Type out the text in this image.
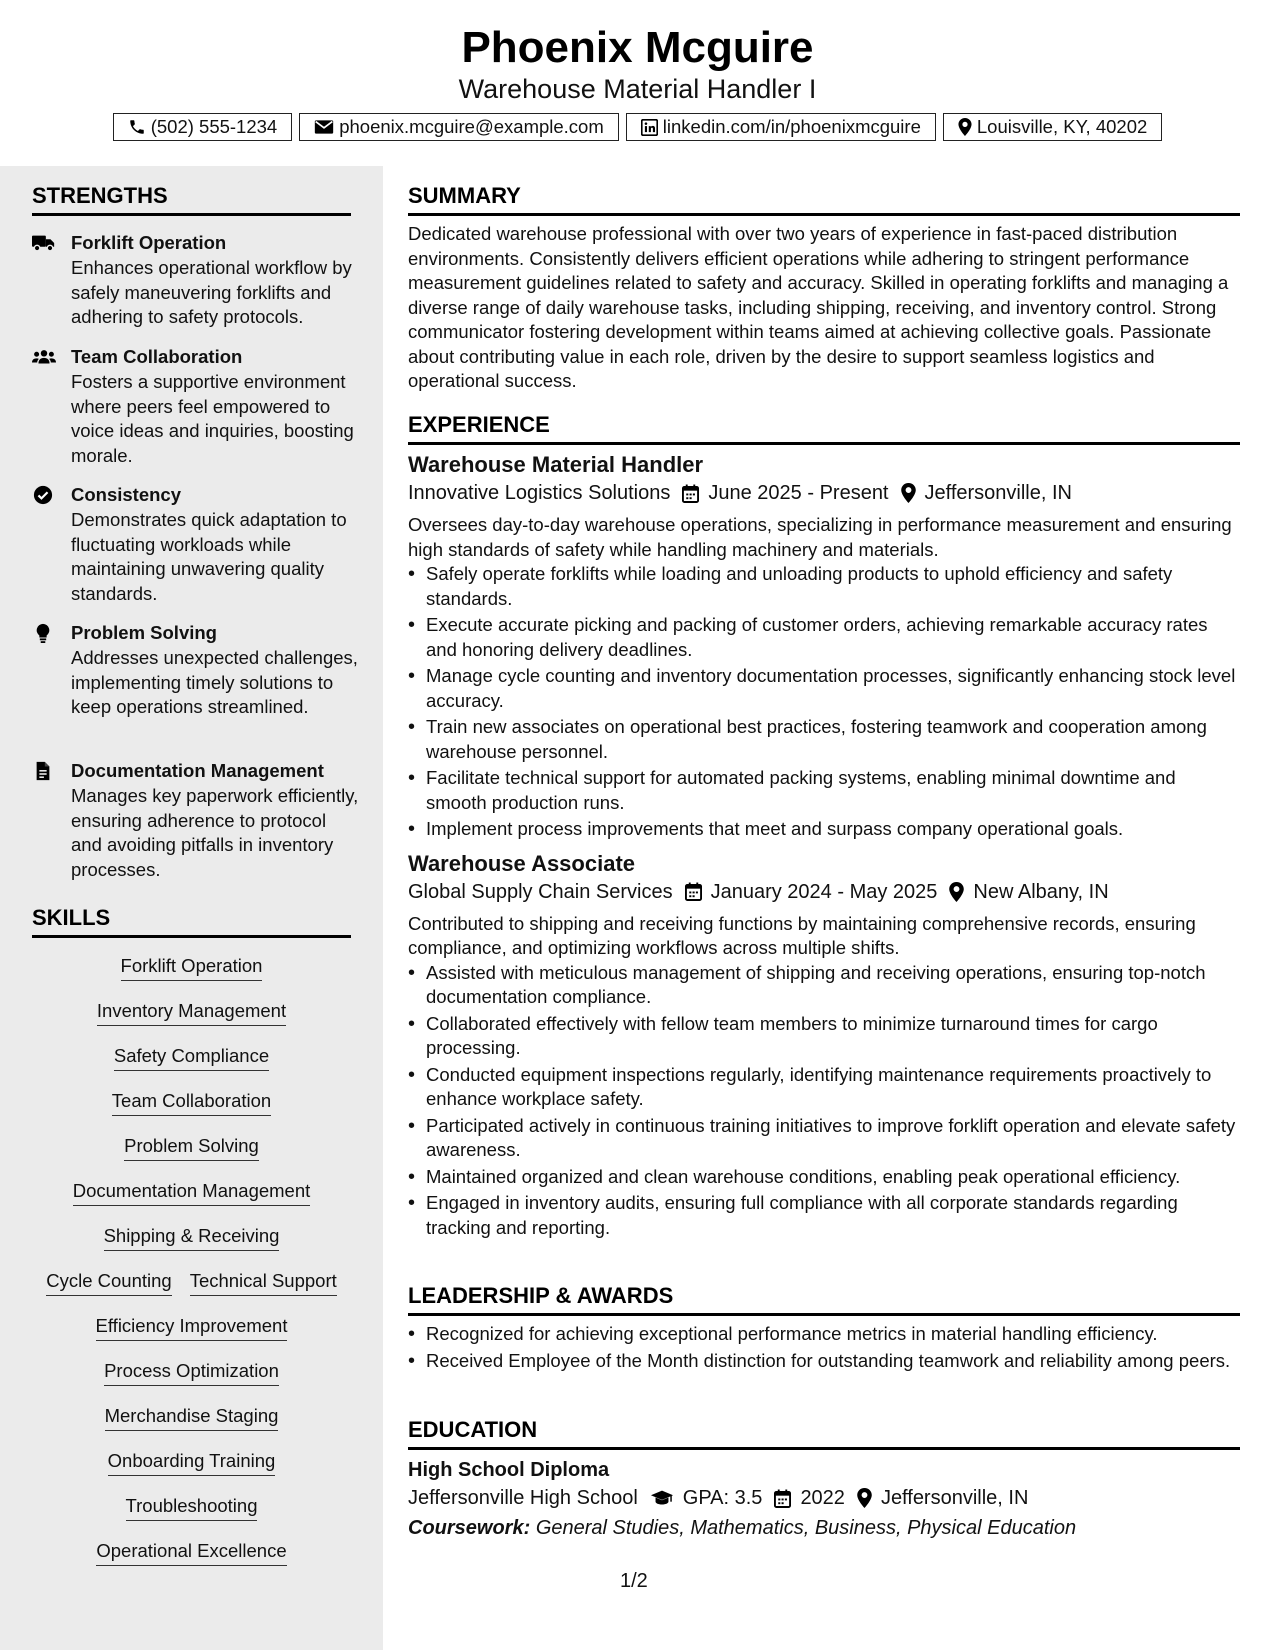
Phoenix Mcguire
Warehouse Material Handler I
(502) 555-1234	phoenix.mcguire@example.com	linkedin.com/in/phoenixmcguire	Louisville, KY, 40202
STRENGTHS
Forklift Operation
Enhances operational workflow by safely maneuvering forklifts and adhering to safety protocols.
Team Collaboration
Fosters a supportive environment where peers feel empowered to voice ideas and inquiries, boosting morale.
Consistency
Demonstrates quick adaptation to fluctuating workloads while maintaining unwavering quality standards.
Problem Solving
Addresses unexpected challenges, implementing timely solutions to keep operations streamlined.
Documentation Management
Manages key paperwork efficiently, ensuring adherence to protocol and avoiding pitfalls in inventory processes.
SKILLS
Forklift Operation
Inventory Management
Safety Compliance
Team Collaboration
Problem Solving
Documentation Management
Shipping & Receiving
Cycle Counting Technical Support
Efficiency Improvement
Process Optimization
Merchandise Staging
Onboarding Training
Troubleshooting
Operational Excellence
SUMMARY
Dedicated warehouse professional with over two years of experience in fast-paced distribution environments. Consistently delivers efficient operations while adhering to stringent performance measurement guidelines related to safety and accuracy. Skilled in operating forklifts and managing a diverse range of daily warehouse tasks, including shipping, receiving, and inventory control. Strong communicator fostering development within teams aimed at achieving collective goals. Passionate about contributing value in each role, driven by the desire to support seamless logistics and operational success.
EXPERIENCE
Warehouse Material Handler
Innovative Logistics Solutions June 2025 - Present Jeffersonville, IN
Oversees day-to-day warehouse operations, specializing in performance measurement and ensuring high standards of safety while handling machinery and materials.
• Safely operate forklifts while loading and unloading products to uphold efficiency and safety standards.
• Execute accurate picking and packing of customer orders, achieving remarkable accuracy rates and honoring delivery deadlines.
• Manage cycle counting and inventory documentation processes, significantly enhancing stock level accuracy.
• Train new associates on operational best practices, fostering teamwork and cooperation among warehouse personnel.
• Facilitate technical support for automated packing systems, enabling minimal downtime and smooth production runs.
• Implement process improvements that meet and surpass company operational goals.
Warehouse Associate
Global Supply Chain Services January 2024 - May 2025 New Albany, IN
Contributed to shipping and receiving functions by maintaining comprehensive records, ensuring compliance, and optimizing workflows across multiple shifts.
• Assisted with meticulous management of shipping and receiving operations, ensuring top-notch documentation compliance.
• Collaborated effectively with fellow team members to minimize turnaround times for cargo processing.
• Conducted equipment inspections regularly, identifying maintenance requirements proactively to enhance workplace safety.
• Participated actively in continuous training initiatives to improve forklift operation and elevate safety awareness.
• Maintained organized and clean warehouse conditions, enabling peak operational efficiency.
• Engaged in inventory audits, ensuring full compliance with all corporate standards regarding tracking and reporting.
LEADERSHIP & AWARDS
• Recognized for achieving exceptional performance metrics in material handling efficiency.
• Received Employee of the Month distinction for outstanding teamwork and reliability among peers.
EDUCATION
High School Diploma
Jeffersonville High School GPA: 3.5 2022 Jeffersonville, IN
Coursework:
General Studies, Mathematics, Business, Physical Education
1/2
